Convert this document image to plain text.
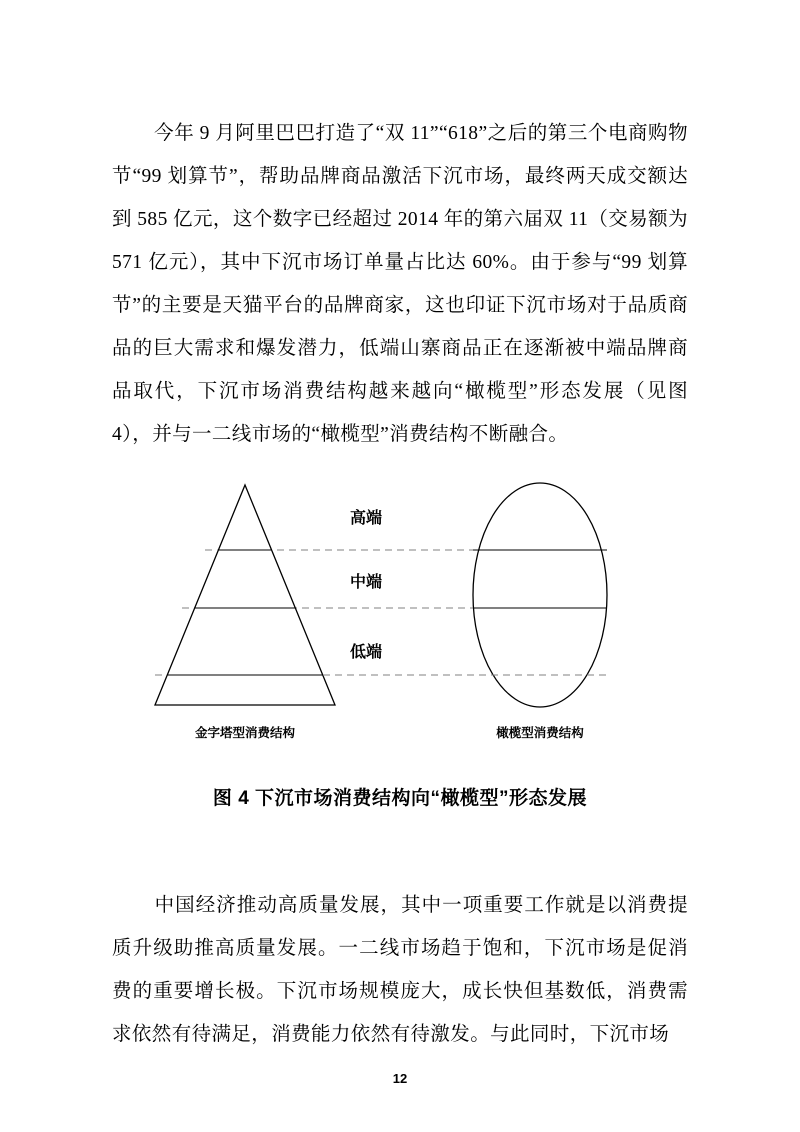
今年 9 月阿里巴巴打造了“双 11”“618”之后的第三个电商购物节“99 划算节”，帮助品牌商品激活下沉市场，最终两天成交额达到 585 亿元，这个数字已经超过 2014 年的第六届双 11（交易额为 571 亿元），其中下沉市场订单量占比达 60%。由于参与“99 划算节”的主要是天猫平台的品牌商家，这也印证下沉市场对于品质商品的巨大需求和爆发潜力，低端山寨商品正在逐渐被中端品牌商品取代，下沉市场消费结构越来越向“橄榄型”形态发展（见图 4），并与一二线市场的“橄榄型”消费结构不断融合。

高端
中端
低端
金字塔型消费结构	橄榄型消费结构
图 4 下沉市场消费结构向“橄榄型”形态发展

中国经济推动高质量发展，其中一项重要工作就是以消费提质升级助推高质量发展。一二线市场趋于饱和，下沉市场是促消费的重要增长极。下沉市场规模庞大，成长快但基数低，消费需求依然有待满足，消费能力依然有待激发。与此同时，下沉市场

12
